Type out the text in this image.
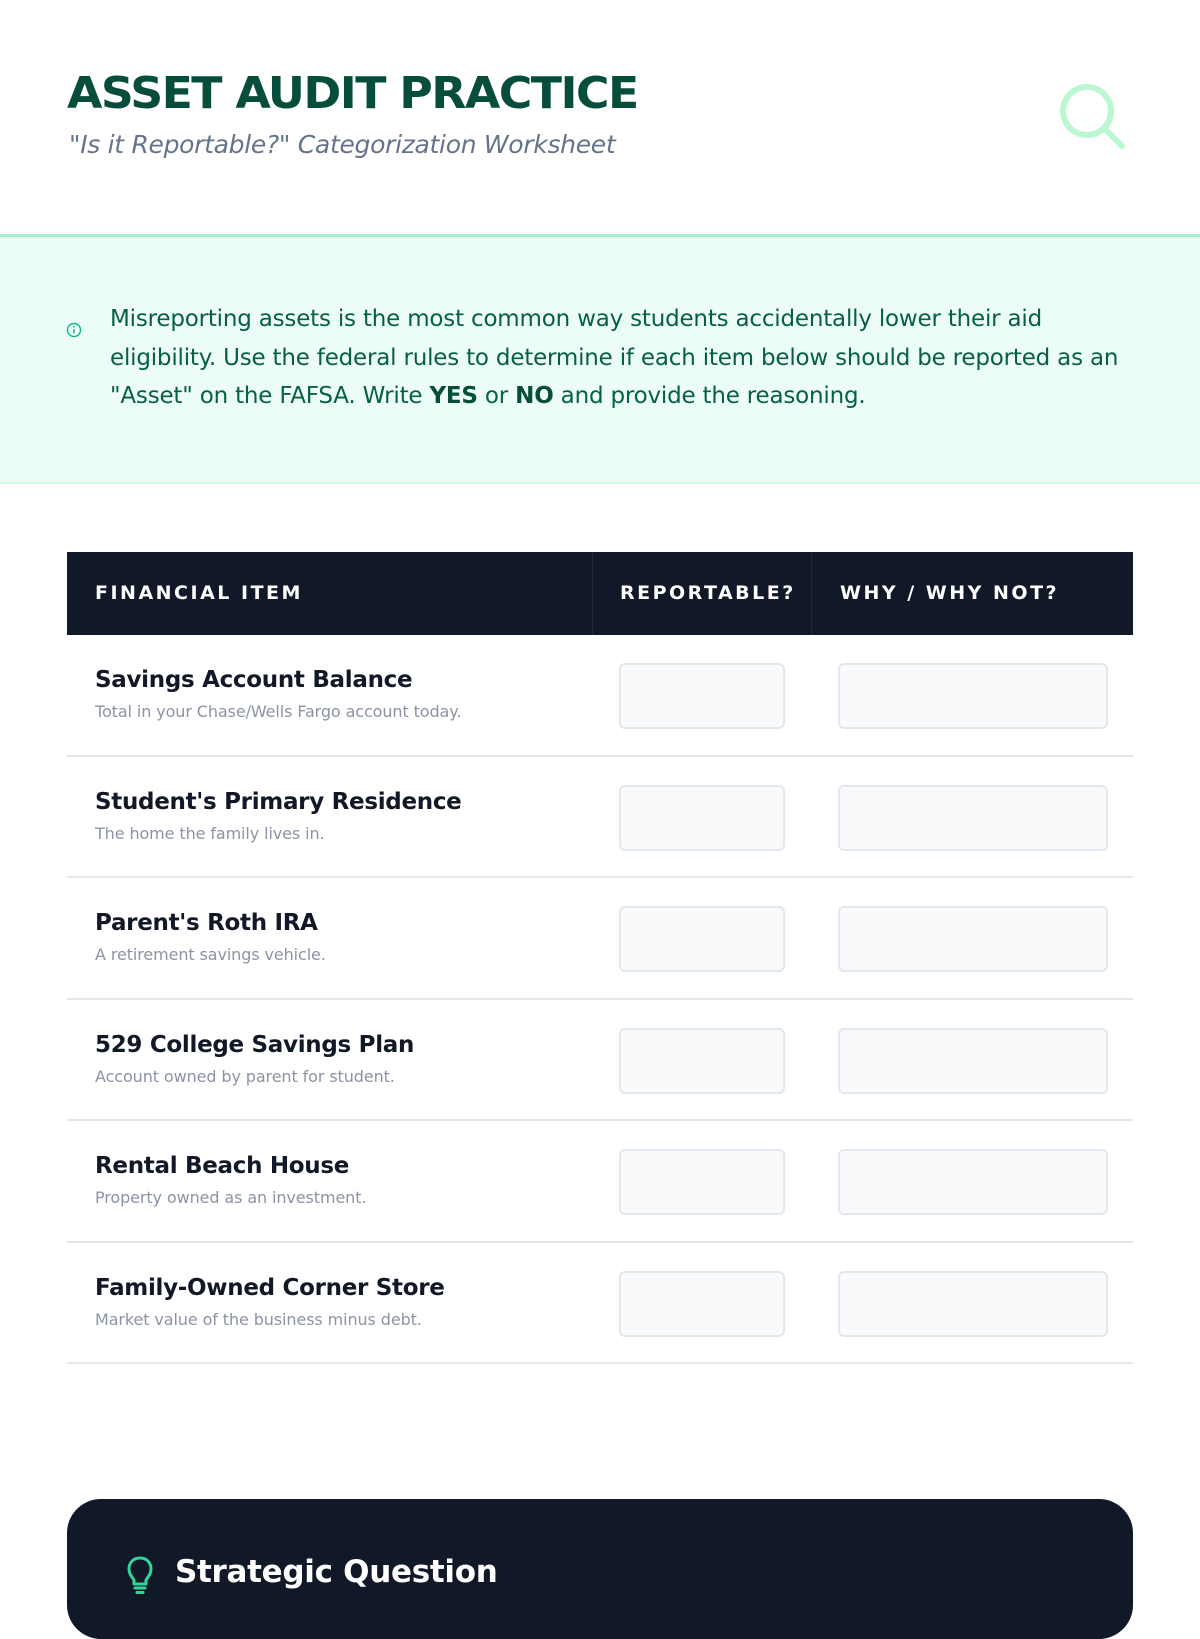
ASSET AUDIT PRACTICE
"Is it Reportable?" Categorization Worksheet
Misreporting assets is the most common way students accidentally lower their aid eligibility. Use the federal rules to determine if each item below should be reported as an "Asset" on the FAFSA. Write YES or NO and provide the reasoning.
FINANCIAL ITEM	REPORTABLE?	WHY / WHY NOT?
Savings Account Balance
Total in your Chase/Wells Fargo account today.
Student's Primary Residence
The home the family lives in.
Parent's Roth IRA
A retirement savings vehicle.
529 College Savings Plan
Account owned by parent for student.
Rental Beach House
Property owned as an investment.
Family-Owned Corner Store
Market value of the business minus debt.
Strategic Question
